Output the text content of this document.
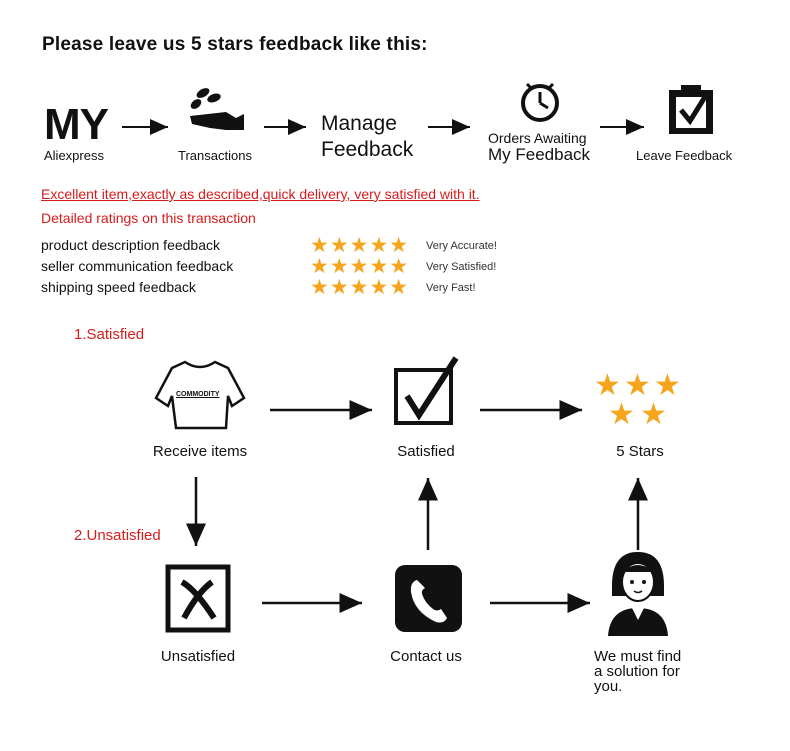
Please leave us 5 stars feedback like this:
MY
Aliexpress	Transactions
Manage
Feedback	Orders Awaiting
My Feedback	Leave Feedback
Excellent item,exactly as described,quick delivery, very satisfied with it.
Detailed ratings on this transaction
product description feedback	★★★★★ Very Accurate!
seller communication feedback	★★★★★ Very Satisfied!
shipping speed feedback	★★★★★ Very Fast!
1.Satisfied
2.Unsatisfied
★ ★ ★
★ ★
Receive items
COMMODITY
Satisfied	5 Stars
Unsatisfied	Contact us	We must find
a solution for
you.
